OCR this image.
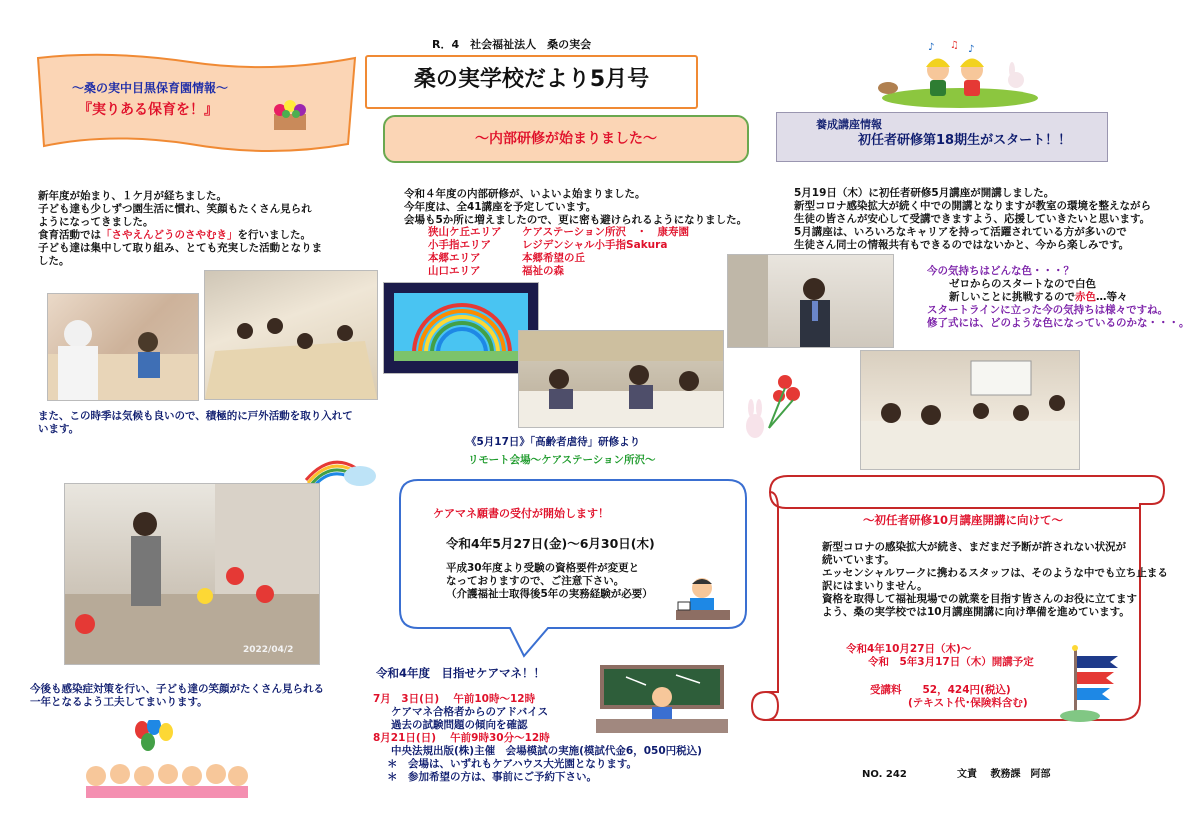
R．4　社会福祉法人　桑の実会
桑の実学校だより5月号
♪ ♫ ♪
～桑の実中目黒保育園情報～
『実りある保育を！』
新年度が始まり、１ケ月が経ちました。
子ども達も少しずつ園生活に慣れ、笑顔もたくさん見られ
ようになってきました。
食育活動では「さやえんどうのさやむき」を行いました。
子ども達は集中して取り組み、とても充実した活動となりま
した。
また、この時季は気候も良いので、積極的に戸外活動を取り入れて
います。
2022/04/2
今後も感染症対策を行い、子ども達の笑顔がたくさん見られる
一年となるよう工夫してまいります。
～内部研修が始まりました～
令和４年度の内部研修が、いよいよ始まりました。
今年度は、全41講座を予定しています。
会場も5か所に増えましたので、更に密も避けられるようになりました。
狭山ケ丘エリア ケアステーション所沢　・　康寿園
小手指エリア	レジデンシャル小手指Sakura
本郷エリア	本郷希望の丘
山口エリア	福祉の森
《5月17日》「高齢者虐待」研修より
リモート会場～ケアステーション所沢～
ケアマネ願書の受付が開始します！
令和4年5月27日(金)～6月30日(木)
平成30年度より受験の資格要件が変更と
なっておりますので、ご注意下さい。
（介護福祉士取得後5年の実務経験が必要）
令和4年度　目指せケアマネ！！
7月　3日(日)　 午前10時～12時
ケアマネ合格者からのアドバイス
過去の試験問題の傾向を確認
8月21日(日)　 午前9時30分～12時
中央法規出版(株)主催　会場模試の実施(模試代金6，050円税込)
＊　会場は、いずれもケアハウス大光園となります。
＊　参加希望の方は、事前にご予約下さい。
養成講座情報
初任者研修第18期生がスタート！！
5月19日（木）に初任者研修5月講座が開講しました。
新型コロナ感染拡大が続く中での開講となりますが教室の環境を整えながら
生徒の皆さんが安心して受講できますよう、応援していきたいと思います。
5月講座は、いろいろなキャリアを持って活躍されている方が多いので
生徒さん同士の情報共有もできるのではないかと、今から楽しみです。
今の気持ちはどんな色・・・？
ゼロからのスタートなので白色
新しいことに挑戦するので赤色…等々
スタートラインに立った今の気持ちは様々ですね。
修了式には、どのような色になっているのかな・・・。
～初任者研修10月講座開講に向けて～
新型コロナの感染拡大が続き、まだまだ予断が許されない状況が
続いています。
エッセンシャルワークに携わるスタッフは、そのような中でも立ち止まる
訳にはまいりません。
資格を取得して福祉現場での就業を目指す皆さんのお役に立てます
よう、桑の実学校では10月講座開講に向け準備を進めています。
令和4年10月27日（木)～
令和　5年3月17日（木）開講予定
受講料　　52，424円(税込)
(テキスト代･保険料含む)
NO. 242	文責　 教務課　阿部
